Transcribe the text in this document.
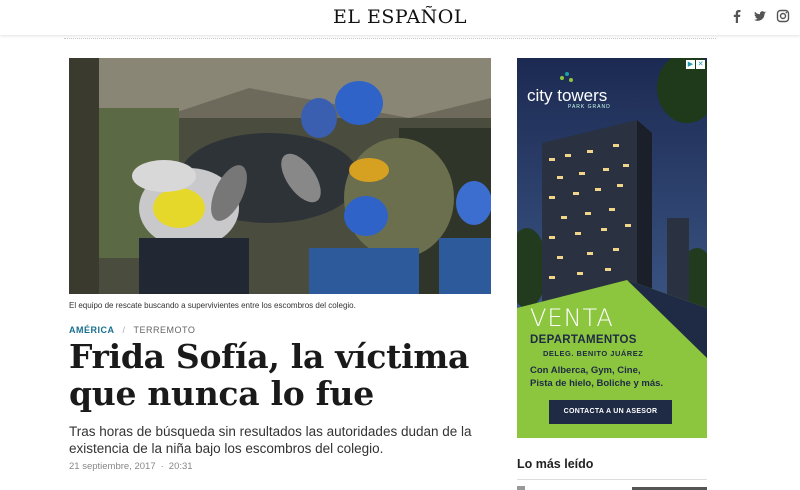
EL ESPAÑOL
El equipo de rescate buscando a supervivientes entre los escombros del colegio.
AMÉRICA / TERREMOTO
Frida Sofía, la víctima que nunca lo fue

Tras horas de búsqueda sin resultados las autoridades dudan de la existencia de la niña bajo los escombros del colegio.

21 septiembre, 2017 · 20:31
▶ ✕
city towers
PARK GRAND
VENTA
DEPARTAMENTOS
DELEG. BENITO JUÁREZ
Con Alberca, Gym, Cine,
Pista de hielo, Boliche y más.
CONTACTA A UN ASESOR
Lo más leído
